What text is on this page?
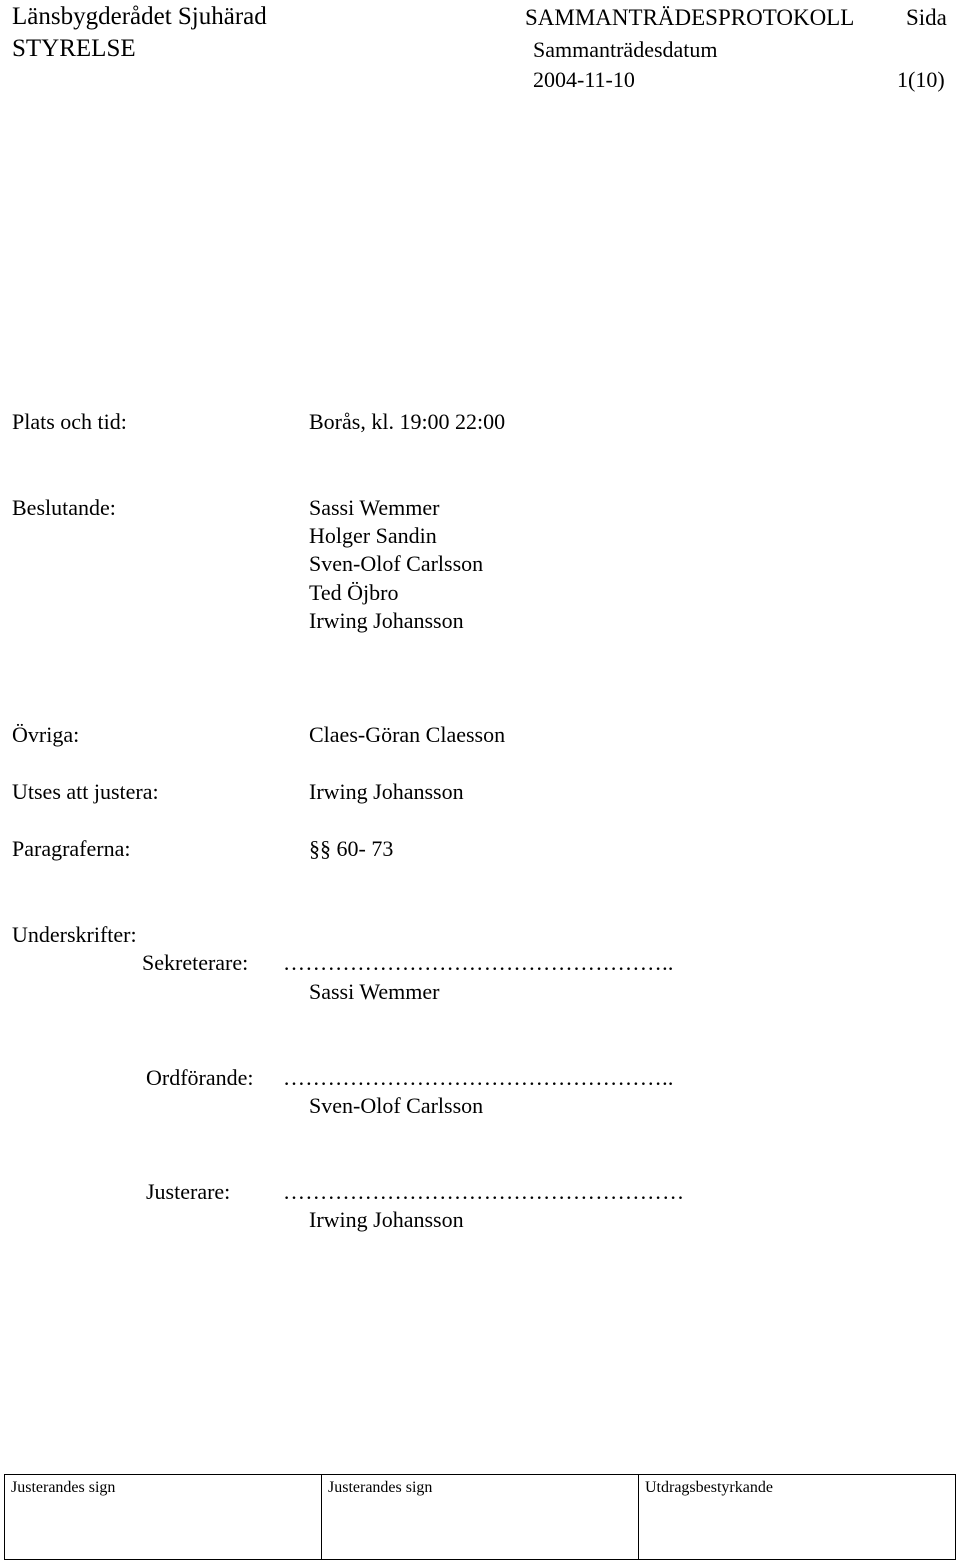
Länsbygderådet Sjuhärad
STYRELSE
SAMMANTRÄDESPROTOKOLL Sida
Sammanträdesdatum
2004-11-10	1(10)
Plats och tid:	Borås, kl. 19:00 22:00
Beslutande:	Sassi Wemmer
Holger Sandin
Sven-Olof Carlsson
Ted Öjbro
Irwing Johansson
Övriga:	Claes-Göran Claesson
Utses att justera:	Irwing Johansson
Paragraferna:	§§ 60- 73
Underskrifter:
Sekreterare: ……………………………………………..
Sassi Wemmer
Ordförande: ……………………………………………..
Sven-Olof Carlsson
Justerare: ………………………………………………
Irwing Johansson
Justerandes sign	Justerandes sign	Utdragsbestyrkande
